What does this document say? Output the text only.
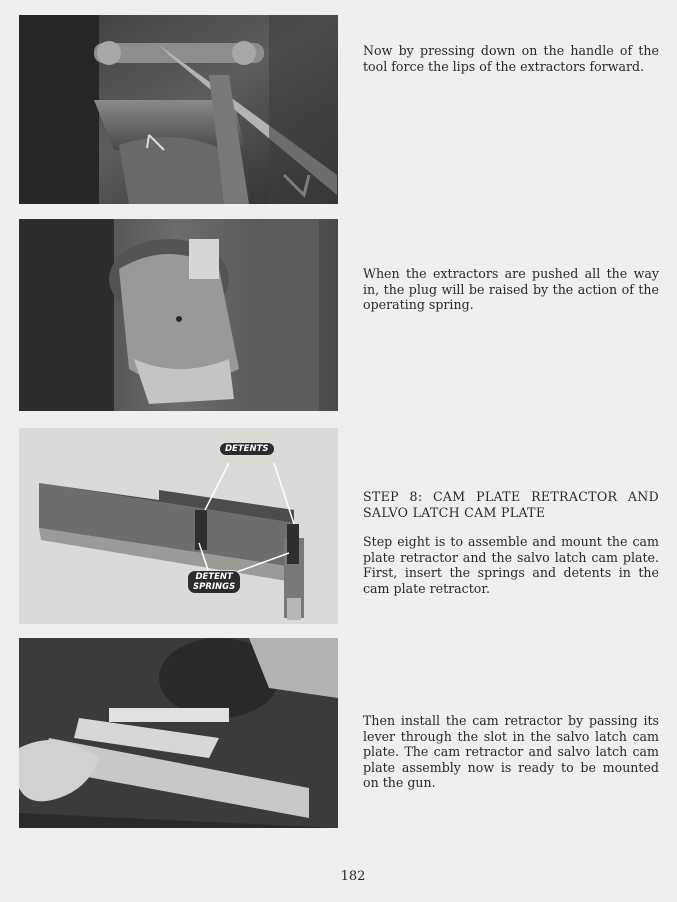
DETENTS
DETENT
SPRINGS

Now by pressing down on the handle of the tool force the lips of the extractors forward.

When the extractors are pushed all the way in, the plug will be raised by the action of the operating spring.

STEP 8: CAM PLATE RETRACTOR AND SALVO LATCH CAM PLATE

Step eight is to assemble and mount the cam plate retractor and the salvo latch cam plate. First, insert the springs and detents in the cam plate retractor.

Then install the cam retractor by passing its lever through the slot in the salvo latch cam plate. The cam retractor and salvo latch cam plate assembly now is ready to be mounted on the gun.

182
